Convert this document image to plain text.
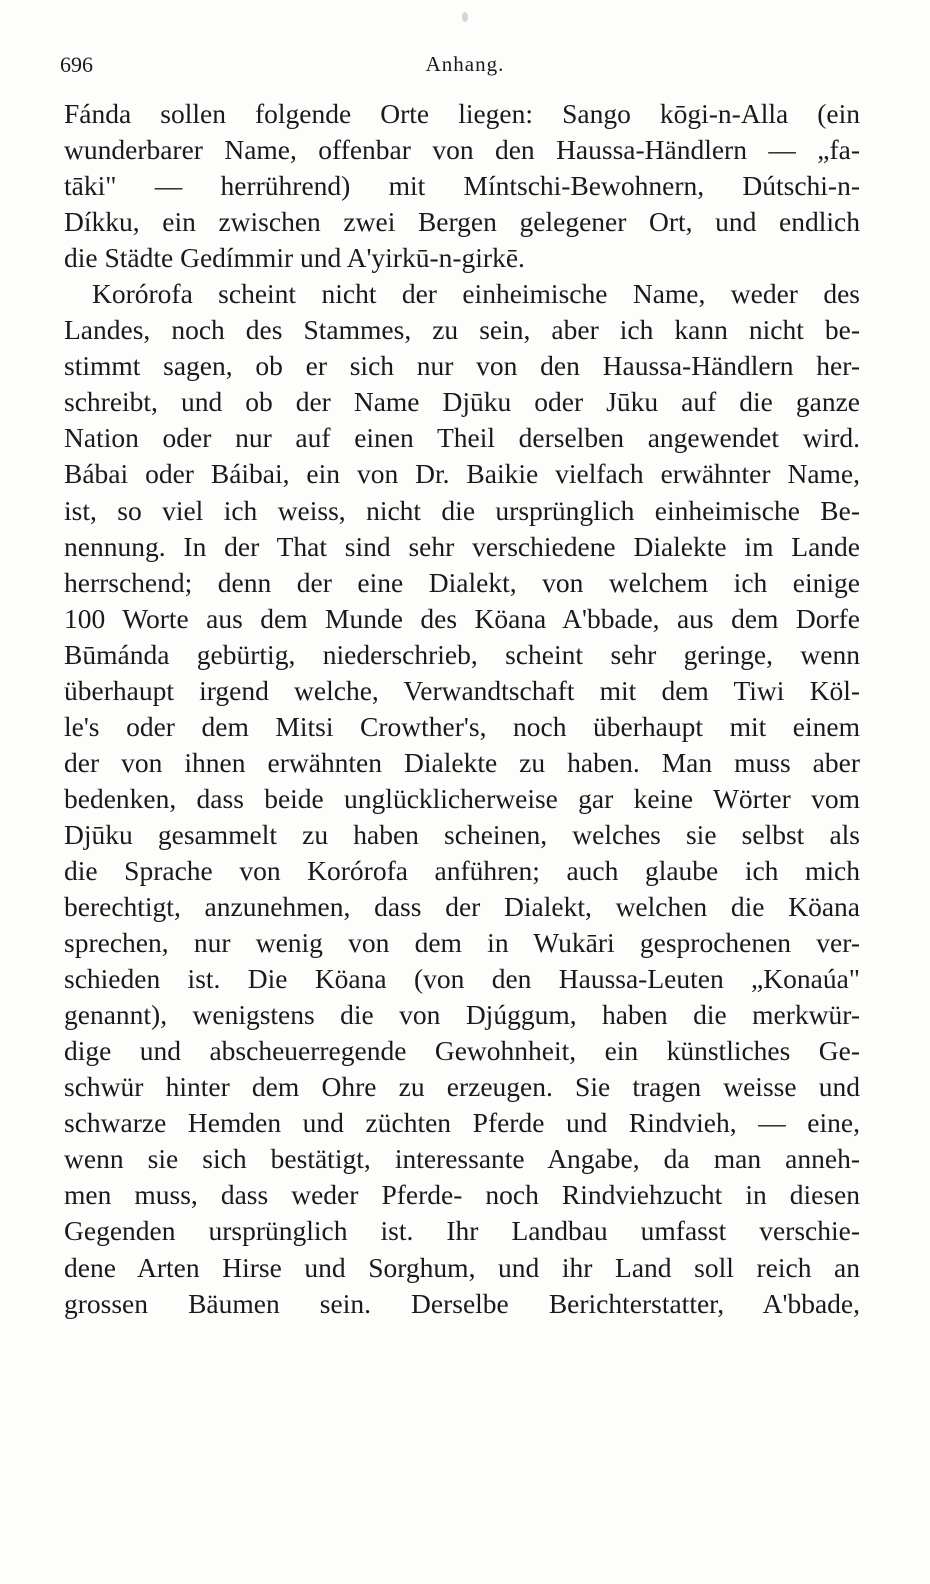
696	Anhang.
Fánda sollen folgende Orte liegen: Sango kōgi-n-Alla (ein
wunderbarer Name, offenbar von den Haussa-Händlern — „fa-
tāki" — herrührend) mit Míntschi-Bewohnern, Dútschi-n-
Díkku, ein zwischen zwei Bergen gelegener Ort, und endlich
die Städte Gedímmir und A'yirkū-n-girkē.
Korórofa scheint nicht der einheimische Name, weder des
Landes, noch des Stammes, zu sein, aber ich kann nicht be-
stimmt sagen, ob er sich nur von den Haussa-Händlern her-
schreibt, und ob der Name Djūku oder Jūku auf die ganze
Nation oder nur auf einen Theil derselben angewendet wird.
Bábai oder Báibai, ein von Dr. Baikie vielfach erwähnter Name,
ist, so viel ich weiss, nicht die ursprünglich einheimische Be-
nennung. In der That sind sehr verschiedene Dialekte im Lande
herrschend; denn der eine Dialekt, von welchem ich einige
100 Worte aus dem Munde des Köana A'bbade, aus dem Dorfe
Būmánda gebürtig, niederschrieb, scheint sehr geringe, wenn
überhaupt irgend welche, Verwandtschaft mit dem Tiwi Köl-
le's oder dem Mitsi Crowther's, noch überhaupt mit einem
der von ihnen erwähnten Dialekte zu haben. Man muss aber
bedenken, dass beide unglücklicherweise gar keine Wörter vom
Djūku gesammelt zu haben scheinen, welches sie selbst als
die Sprache von Korórofa anführen; auch glaube ich mich
berechtigt, anzunehmen, dass der Dialekt, welchen die Köana
sprechen, nur wenig von dem in Wukāri gesprochenen ver-
schieden ist. Die Köana (von den Haussa-Leuten „Konaúa"
genannt), wenigstens die von Djúggum, haben die merkwür-
dige und abscheuerregende Gewohnheit, ein künstliches Ge-
schwür hinter dem Ohre zu erzeugen. Sie tragen weisse und
schwarze Hemden und züchten Pferde und Rindvieh, — eine,
wenn sie sich bestätigt, interessante Angabe, da man anneh-
men muss, dass weder Pferde- noch Rindviehzucht in diesen
Gegenden ursprünglich ist. Ihr Landbau umfasst verschie-
dene Arten Hirse und Sorghum, und ihr Land soll reich an
grossen Bäumen sein. Derselbe Berichterstatter, A'bbade,
